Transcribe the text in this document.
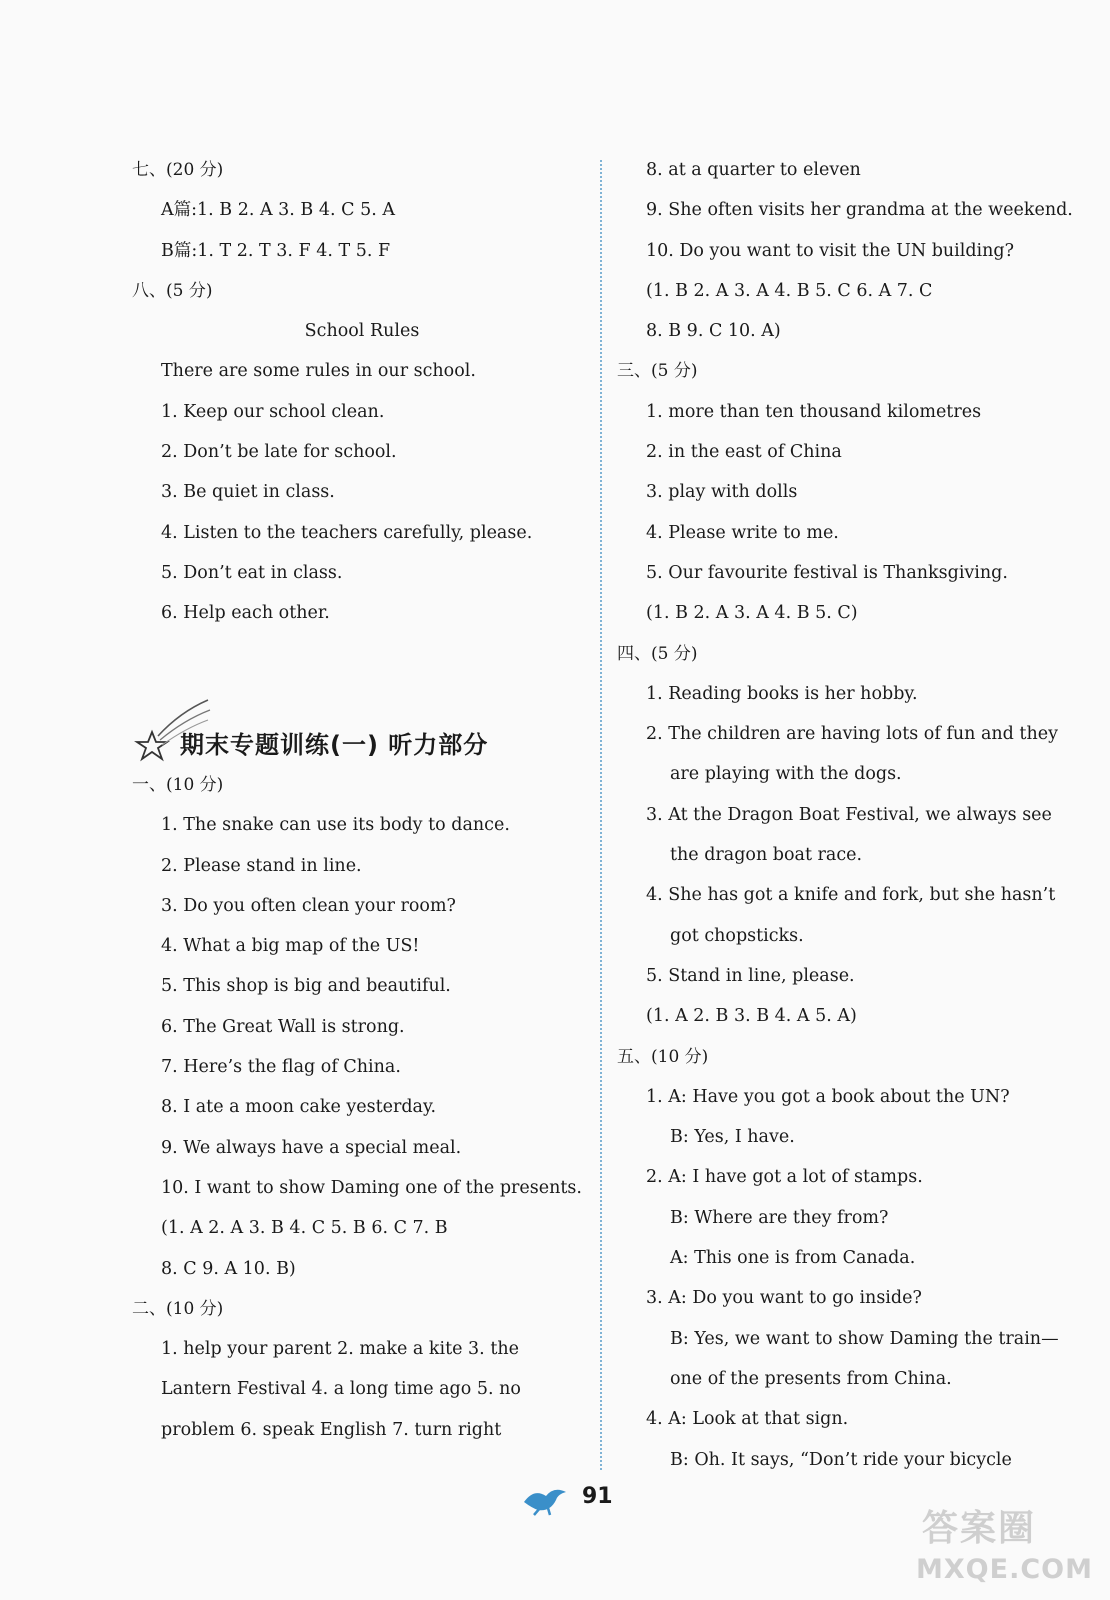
七、(20 分)
A篇:1. B 2. A 3. B 4. C 5. A
B篇:1. T 2. T 3. F 4. T 5. F
八、(5 分)
School Rules
There are some rules in our school.
1. Keep our school clean.
2. Don’t be late for school.
3. Be quiet in class.
4. Listen to the teachers carefully, please.
5. Don’t eat in class.
6. Help each other.
期末专题训练(一) 听力部分
一、(10 分)
1. The snake can use its body to dance.
2. Please stand in line.
3. Do you often clean your room?
4. What a big map of the US!
5. This shop is big and beautiful.
6. The Great Wall is strong.
7. Here’s the flag of China.
8. I ate a moon cake yesterday.
9. We always have a special meal.
10. I want to show Daming one of the presents.
(1. A 2. A 3. B 4. C 5. B 6. C 7. B
8. C 9. A 10. B)
二、(10 分)
1. help your parent 2. make a kite 3. the
Lantern Festival 4. a long time ago 5. no
problem 6. speak English 7. turn right
8. at a quarter to eleven
9. She often visits her grandma at the weekend.
10. Do you want to visit the UN building?
(1. B 2. A 3. A 4. B 5. C 6. A 7. C
8. B 9. C 10. A)
三、(5 分)
1. more than ten thousand kilometres
2. in the east of China
3. play with dolls
4. Please write to me.
5. Our favourite festival is Thanksgiving.
(1. B 2. A 3. A 4. B 5. C)
四、(5 分)
1. Reading books is her hobby.
2. The children are having lots of fun and they
are playing with the dogs.
3. At the Dragon Boat Festival, we always see
the dragon boat race.
4. She has got a knife and fork, but she hasn’t
got chopsticks.
5. Stand in line, please.
(1. A 2. B 3. B 4. A 5. A)
五、(10 分)
1. A: Have you got a book about the UN?
B: Yes, I have.
2. A: I have got a lot of stamps.
B: Where are they from?
A: This one is from Canada.
3. A: Do you want to go inside?
B: Yes, we want to show Daming the train—
one of the presents from China.
4. A: Look at that sign.
B: Oh. It says, “Don’t ride your bicycle
91
答案圈
MXQE.COM
